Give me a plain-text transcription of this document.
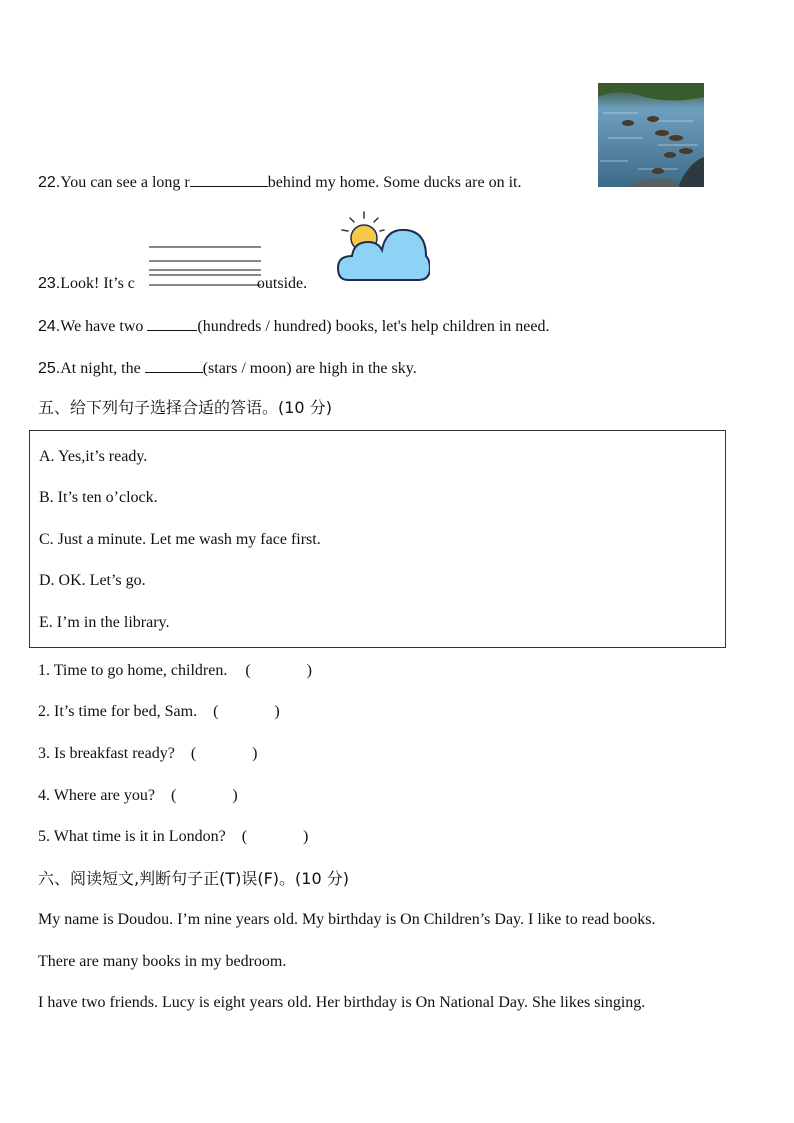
22.You can see a long r	behind my home. Some ducks are on it.
23.Look! It’s c	outside.
24.We have two	(hundreds / hundred) books, let's help children in need.
25.At night, the	(stars / moon) are high in the sky.
五、给下列句子选择合适的答语。(10 分)
A. Yes,it’s ready.
B. It’s ten o’clock.
C. Just a minute. Let me wash my face first.
D. OK. Let’s go.
E. I’m in the library.
1. Time to go home, children. (	)
2. It’s time for bed, Sam. (	)
3. Is breakfast ready? (	)
4. Where are you? (	)
5. What time is it in London? (	)
六、阅读短文,判断句子正(T)误(F)。(10 分)
My name is Doudou. I’m nine years old. My birthday is On Children’s Day. I like to read books.
There are many books in my bedroom.
I have two friends. Lucy is eight years old. Her birthday is On National Day. She likes singing.
